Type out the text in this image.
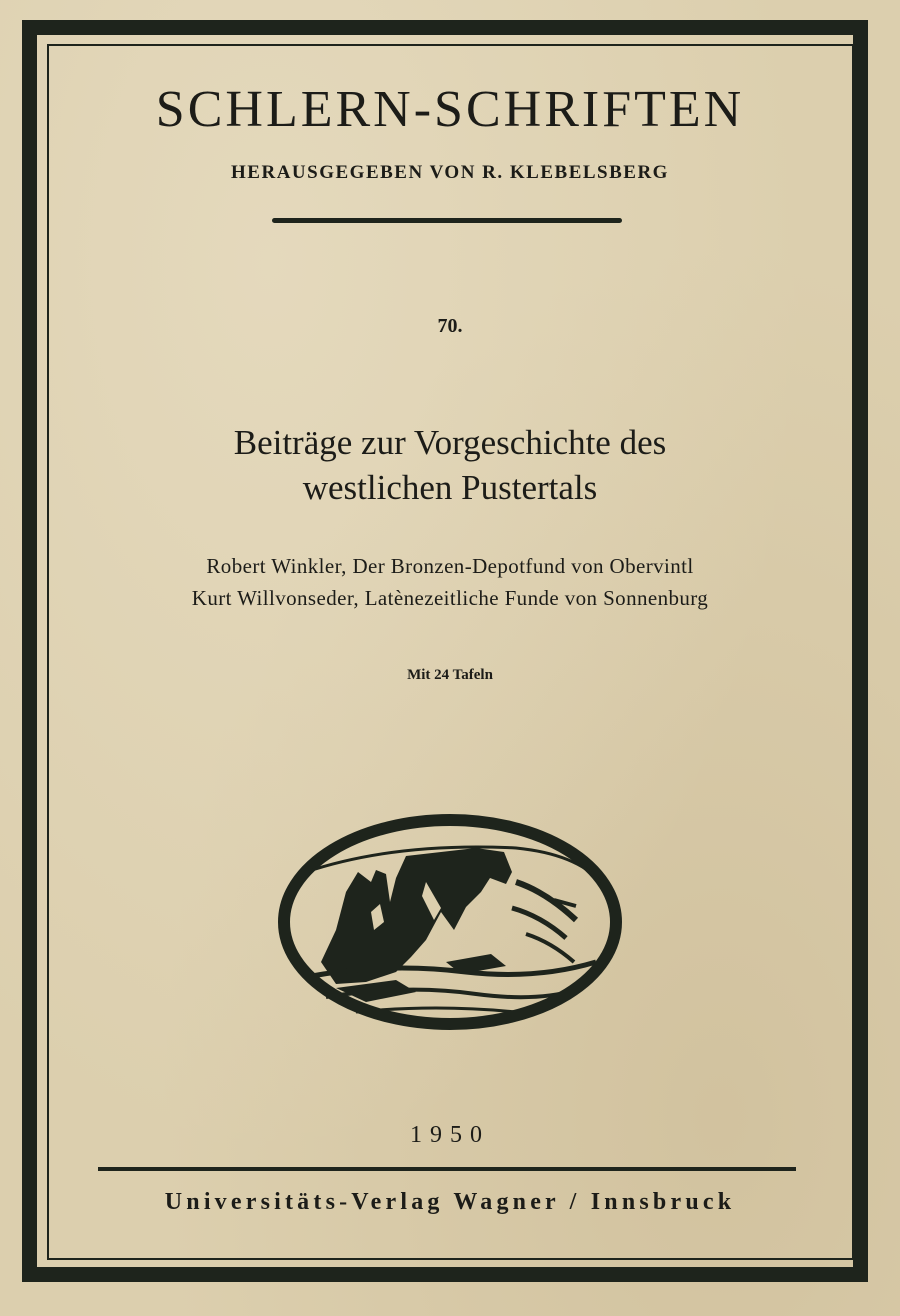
SCHLERN-SCHRIFTEN
HERAUSGEGEBEN VON R. KLEBELSBERG
70.
Beiträge zur Vorgeschichte des
westlichen Pustertals
Robert Winkler, Der Bronzen-Depotfund von Obervintl
Kurt Willvonseder, Latènezeitliche Funde von Sonnenburg
Mit 24 Tafeln
1950
Universitäts-Verlag Wagner / Innsbruck
